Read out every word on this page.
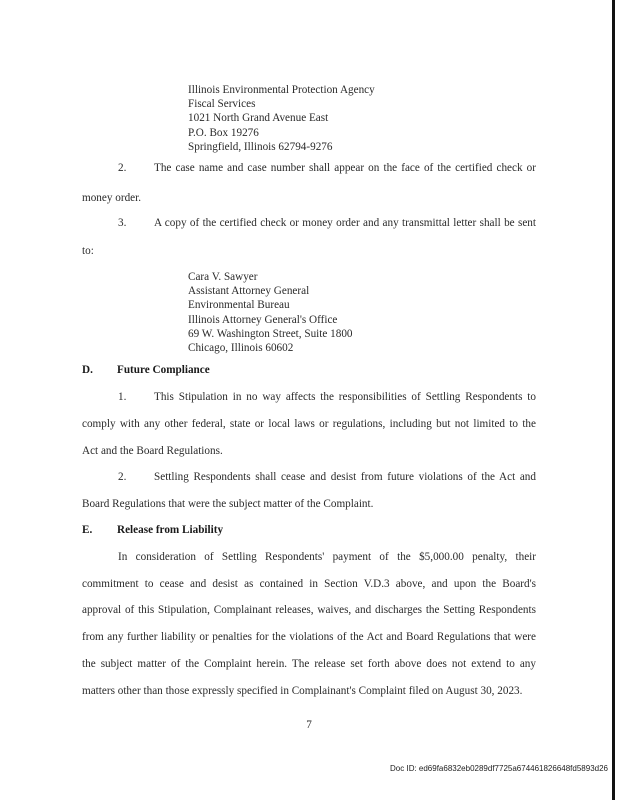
Illinois Environmental Protection Agency
Fiscal Services
1021 North Grand Avenue East
P.O. Box 19276
Springfield, Illinois 62794-9276
2. The case name and case number shall appear on the face of the certified check or
money order.
3. A copy of the certified check or money order and any transmittal letter shall be sent
to:
Cara V. Sawyer
Assistant Attorney General
Environmental Bureau
Illinois Attorney General's Office
69 W. Washington Street, Suite 1800
Chicago, Illinois 60602
D. Future Compliance
1. This Stipulation in no way affects the responsibilities of Settling Respondents to
comply with any other federal, state or local laws or regulations, including but not limited to the
Act and the Board Regulations.
2. Settling Respondents shall cease and desist from future violations of the Act and
Board Regulations that were the subject matter of the Complaint.
E. Release from Liability
In consideration of Settling Respondents' payment of the $5,000.00 penalty, their
commitment to cease and desist as contained in Section V.D.3 above, and upon the Board's
approval of this Stipulation, Complainant releases, waives, and discharges the Setting Respondents
from any further liability or penalties for the violations of the Act and Board Regulations that were
the subject matter of the Complaint herein. The release set forth above does not extend to any
matters other than those expressly specified in Complainant's Complaint filed on August 30, 2023.
7
Doc ID: ed69fa6832eb0289df7725a674461826648fd5893d26
